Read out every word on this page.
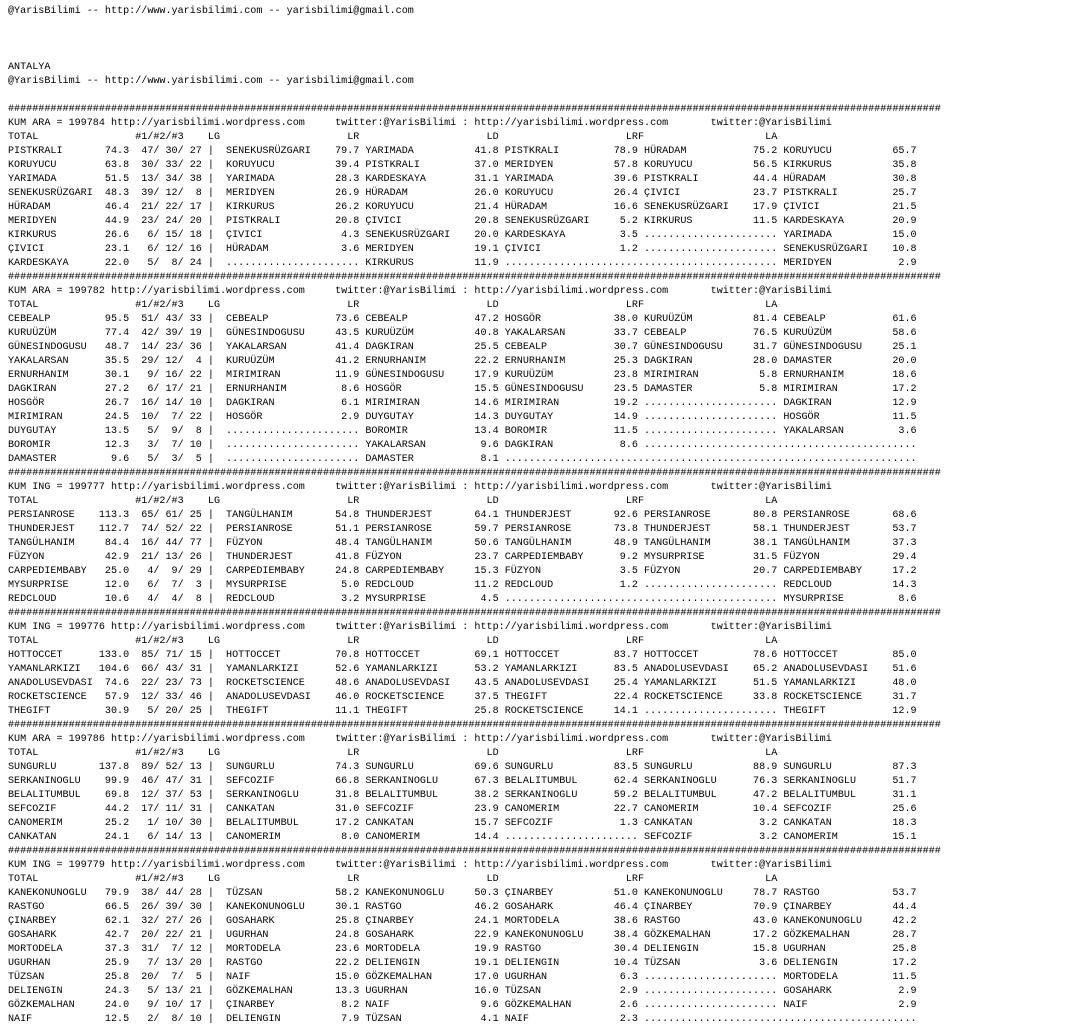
@YarisBilimi -- http://www.yarisbilimi.com -- yarisbilimi@gmail.com
ANTALYA
@YarisBilimi -- http://www.yarisbilimi.com -- yarisbilimi@gmail.com
##########################################################################################################################################################
KUM ARA = 199784 http://yarisbilimi.wordpress.com     twitter:@YarisBilimi : http://yarisbilimi.wordpress.com       twitter:@YarisBilimi
TOTAL                #1/#2/#3    LG                     LR                     LD                     LRF                    LA
PISTKRALI       74.3  47/ 30/ 27 |  SENEKUSRÜZGARI    79.7 YARIMADA          41.8 PISTKRALI         78.9 HÜRADAM           75.2 KORUYUCU          65.7
KORUYUCU        63.8  30/ 33/ 22 |  KORUYUCU          39.4 PISTKRALI         37.0 MERIDYEN          57.8 KORUYUCU          56.5 KIRKURUS          35.8
YARIMADA        51.5  13/ 34/ 38 |  YARIMADA          28.3 KARDESKAYA        31.1 YARIMADA          39.6 PISTKRALI         44.4 HÜRADAM           30.8
SENEKUSRÜZGARI  48.3  39/ 12/  8 |  MERIDYEN          26.9 HÜRADAM           26.0 KORUYUCU          26.4 ÇIVICI            23.7 PISTKRALI         25.7
HÜRADAM         46.4  21/ 22/ 17 |  KIRKURUS          26.2 KORUYUCU          21.4 HÜRADAM           16.6 SENEKUSRÜZGARI    17.9 ÇIVICI            21.5
MERIDYEN        44.9  23/ 24/ 20 |  PISTKRALI         20.8 ÇIVICI            20.8 SENEKUSRÜZGARI     5.2 KIRKURUS          11.5 KARDESKAYA        20.9
KIRKURUS        26.6   6/ 15/ 18 |  ÇIVICI             4.3 SENEKUSRÜZGARI    20.0 KARDESKAYA         3.5 ...................... YARIMADA          15.0
ÇIVICI          23.1   6/ 12/ 16 |  HÜRADAM            3.6 MERIDYEN          19.1 ÇIVICI             1.2 ...................... SENEKUSRÜZGARI    10.8
KARDESKAYA      22.0   5/  8/ 24 |  ...................... KIRKURUS          11.9 ............................................. MERIDYEN           2.9
##########################################################################################################################################################
KUM ARA = 199782 http://yarisbilimi.wordpress.com     twitter:@YarisBilimi : http://yarisbilimi.wordpress.com       twitter:@YarisBilimi
TOTAL                #1/#2/#3    LG                     LR                     LD                     LRF                    LA
CEBEALP         95.5  51/ 43/ 33 |  CEBEALP           73.6 CEBEALP           47.2 HOSGÖR            38.0 KURUÜZÜM          81.4 CEBEALP           61.6
KURUÜZÜM        77.4  42/ 39/ 19 |  GÜNESINDOGUSU     43.5 KURUÜZÜM          40.8 YAKALARSAN        33.7 CEBEALP           76.5 KURUÜZÜM          58.6
GÜNESINDOGUSU   48.7  14/ 23/ 36 |  YAKALARSAN        41.4 DAGKIRAN          25.5 CEBEALP           30.7 GÜNESINDOGUSU     31.7 GÜNESINDOGUSU     25.1
YAKALARSAN      35.5  29/ 12/  4 |  KURUÜZÜM          41.2 ERNURHANIM        22.2 ERNURHANIM        25.3 DAGKIRAN          28.0 DAMASTER          20.0
ERNURHANIM      30.1   9/ 16/ 22 |  MIRIMIRAN         11.9 GÜNESINDOGUSU     17.9 KURUÜZÜM          23.8 MIRIMIRAN          5.8 ERNURHANIM        18.6
DAGKIRAN        27.2   6/ 17/ 21 |  ERNURHANIM         8.6 HOSGÖR            15.5 GÜNESINDOGUSU     23.5 DAMASTER           5.8 MIRIMIRAN         17.2
HOSGÖR          26.7  16/ 14/ 10 |  DAGKIRAN           6.1 MIRIMIRAN         14.6 MIRIMIRAN         19.2 ...................... DAGKIRAN          12.9
MIRIMIRAN       24.5  10/  7/ 22 |  HOSGÖR             2.9 DUYGUTAY          14.3 DUYGUTAY          14.9 ...................... HOSGÖR            11.5
DUYGUTAY        13.5   5/  9/  8 |  ...................... BOROMIR           13.4 BOROMIR           11.5 ...................... YAKALARSAN         3.6
BOROMIR         12.3   3/  7/ 10 |  ...................... YAKALARSAN         9.6 DAGKIRAN           8.6 .............................................
DAMASTER         9.6   5/  3/  5 |  ...................... DAMASTER           8.1 ....................................................................
##########################################################################################################################################################
KUM ING = 199777 http://yarisbilimi.wordpress.com     twitter:@YarisBilimi : http://yarisbilimi.wordpress.com       twitter:@YarisBilimi
TOTAL                #1/#2/#3    LG                     LR                     LD                     LRF                    LA
PERSIANROSE    113.3  65/ 61/ 25 |  TANGÜLHANIM       54.8 THUNDERJEST       64.1 THUNDERJEST       92.6 PERSIANROSE       80.8 PERSIANROSE       68.6
THUNDERJEST    112.7  74/ 52/ 22 |  PERSIANROSE       51.1 PERSIANROSE       59.7 PERSIANROSE       73.8 THUNDERJEST       58.1 THUNDERJEST       53.7
TANGÜLHANIM     84.4  16/ 44/ 77 |  FÜZYON            48.4 TANGÜLHANIM       50.6 TANGÜLHANIM       48.9 TANGÜLHANIM       38.1 TANGÜLHANIM       37.3
FÜZYON          42.9  21/ 13/ 26 |  THUNDERJEST       41.8 FÜZYON            23.7 CARPEDIEMBABY      9.2 MYSURPRISE        31.5 FÜZYON            29.4
CARPEDIEMBABY   25.0   4/  9/ 29 |  CARPEDIEMBABY     24.8 CARPEDIEMBABY     15.3 FÜZYON             3.5 FÜZYON            20.7 CARPEDIEMBABY     17.2
MYSURPRISE      12.0   6/  7/  3 |  MYSURPRISE         5.0 REDCLOUD          11.2 REDCLOUD           1.2 ...................... REDCLOUD          14.3
REDCLOUD        10.6   4/  4/  8 |  REDCLOUD           3.2 MYSURPRISE         4.5 ............................................. MYSURPRISE         8.6
##########################################################################################################################################################
KUM ING = 199776 http://yarisbilimi.wordpress.com     twitter:@YarisBilimi : http://yarisbilimi.wordpress.com       twitter:@YarisBilimi
TOTAL                #1/#2/#3    LG                     LR                     LD                     LRF                    LA
HOTTOCCET      133.0  85/ 71/ 15 |  HOTTOCCET         70.8 HOTTOCCET         69.1 HOTTOCCET         83.7 HOTTOCCET         78.6 HOTTOCCET         85.0
YAMANLARKIZI   104.6  66/ 43/ 31 |  YAMANLARKIZI      52.6 YAMANLARKIZI      53.2 YAMANLARKIZI      83.5 ANADOLUSEVDASI    65.2 ANADOLUSEVDASI    51.6
ANADOLUSEVDASI  74.6  22/ 23/ 73 |  ROCKETSCIENCE     48.6 ANADOLUSEVDASI    43.5 ANADOLUSEVDASI    25.4 YAMANLARKIZI      51.5 YAMANLARKIZI      48.0
ROCKETSCIENCE   57.9  12/ 33/ 46 |  ANADOLUSEVDASI    46.0 ROCKETSCIENCE     37.5 THEGIFT           22.4 ROCKETSCIENCE     33.8 ROCKETSCIENCE     31.7
THEGIFT         30.9   5/ 20/ 25 |  THEGIFT           11.1 THEGIFT           25.8 ROCKETSCIENCE     14.1 ...................... THEGIFT           12.9
##########################################################################################################################################################
KUM ARA = 199786 http://yarisbilimi.wordpress.com     twitter:@YarisBilimi : http://yarisbilimi.wordpress.com       twitter:@YarisBilimi
TOTAL                #1/#2/#3    LG                     LR                     LD                     LRF                    LA
SUNGURLU       137.8  89/ 52/ 13 |  SUNGURLU          74.3 SUNGURLU          69.6 SUNGURLU          83.5 SUNGURLU          88.9 SUNGURLU          87.3
SERKANINOGLU    99.9  46/ 47/ 31 |  SEFCOZIF          66.8 SERKANINOGLU      67.3 BELALITUMBUL      62.4 SERKANINOGLU      76.3 SERKANINOGLU      51.7
BELALITUMBUL    69.8  12/ 37/ 53 |  SERKANINOGLU      31.8 BELALITUMBUL      38.2 SERKANINOGLU      59.2 BELALITUMBUL      47.2 BELALITUMBUL      31.1
SEFCOZIF        44.2  17/ 11/ 31 |  CANKATAN          31.0 SEFCOZIF          23.9 CANOMERIM         22.7 CANOMERIM         10.4 SEFCOZIF          25.6
CANOMERIM       25.2   1/ 10/ 30 |  BELALITUMBUL      17.2 CANKATAN          15.7 SEFCOZIF           1.3 CANKATAN           3.2 CANKATAN          18.3
CANKATAN        24.1   6/ 14/ 13 |  CANOMERIM          8.0 CANOMERIM         14.4 ...................... SEFCOZIF           3.2 CANOMERIM         15.1
##########################################################################################################################################################
KUM ING = 199779 http://yarisbilimi.wordpress.com     twitter:@YarisBilimi : http://yarisbilimi.wordpress.com       twitter:@YarisBilimi
TOTAL                #1/#2/#3    LG                     LR                     LD                     LRF                    LA
KANEKONUNOGLU   79.9  38/ 44/ 28 |  TÜZSAN            58.2 KANEKONUNOGLU     50.3 ÇINARBEY          51.0 KANEKONUNOGLU     78.7 RASTGO            53.7
RASTGO          66.5  26/ 39/ 30 |  KANEKONUNOGLU     30.1 RASTGO            46.2 GOSAHARK          46.4 ÇINARBEY          70.9 ÇINARBEY          44.4
ÇINARBEY        62.1  32/ 27/ 26 |  GOSAHARK          25.8 ÇINARBEY          24.1 MORTODELA         38.6 RASTGO            43.0 KANEKONUNOGLU     42.2
GOSAHARK        42.7  20/ 22/ 21 |  UGURHAN           24.8 GOSAHARK          22.9 KANEKONUNOGLU     38.4 GÖZKEMALHAN       17.2 GÖZKEMALHAN       28.7
MORTODELA       37.3  31/  7/ 12 |  MORTODELA         23.6 MORTODELA         19.9 RASTGO            30.4 DELIENGIN         15.8 UGURHAN           25.8
UGURHAN         25.9   7/ 13/ 20 |  RASTGO            22.2 DELIENGIN         19.1 DELIENGIN         10.4 TÜZSAN             3.6 DELIENGIN         17.2
TÜZSAN          25.8  20/  7/  5 |  NAIF              15.0 GÖZKEMALHAN       17.0 UGURHAN            6.3 ...................... MORTODELA         11.5
DELIENGIN       24.3   5/ 13/ 21 |  GÖZKEMALHAN       13.3 UGURHAN           16.0 TÜZSAN             2.9 ...................... GOSAHARK           2.9
GÖZKEMALHAN     24.0   9/ 10/ 17 |  ÇINARBEY           8.2 NAIF               9.6 GÖZKEMALHAN        2.6 ...................... NAIF               2.9
NAIF            12.5   2/  8/ 10 |  DELIENGIN          7.9 TÜZSAN             4.1 NAIF               2.3 .............................................
